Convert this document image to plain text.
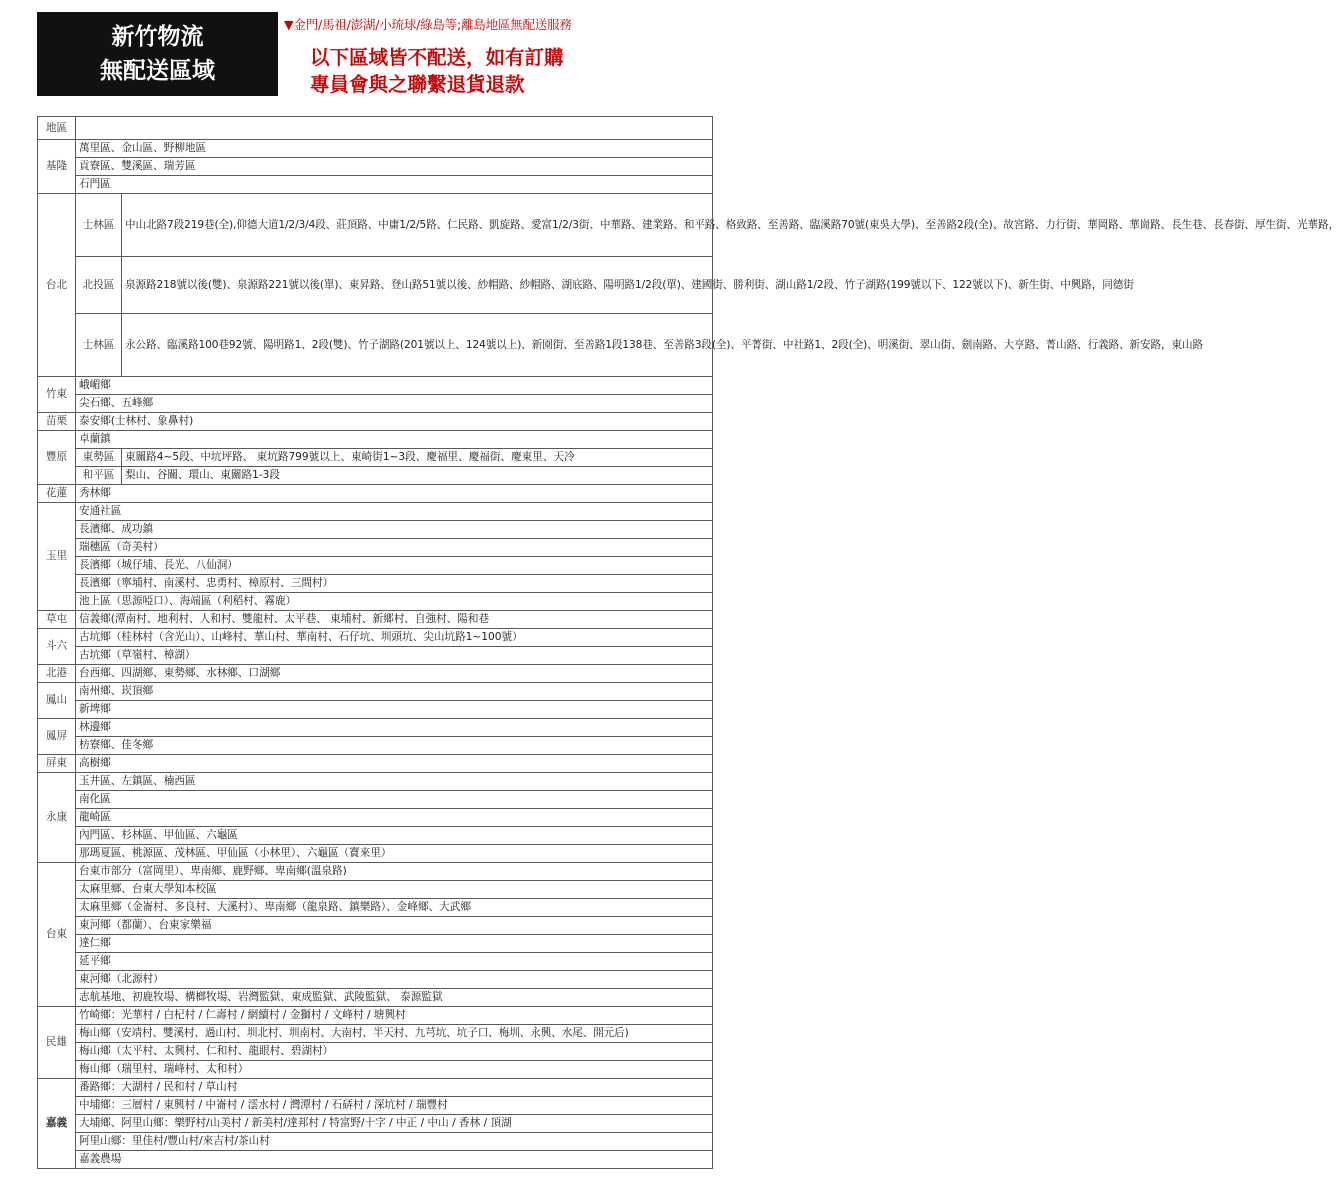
新竹物流
無配送區域
▼金門/馬祖/澎湖/小琉球/綠島等;離島地區無配送服務
以下區域皆不配送，如有訂購
專員會與之聯繫退貨退款
地區		
基隆	萬里區、金山區、野柳地區	
	貢寮區、雙溪區、瑞芳區	
	石門區	
台北	士林區	中山北路7段219巷(全),仰德大道1/2/3/4段、莊頂路、中庸1/2/5路、仁民路、凱旋路、愛富1/2/3街、中華路、建業路、和平路、格致路、至善路、臨溪路70號(東吳大學)、至善路2段(全)、故宮路、力行街、華岡路、華崗路、長生巷、長春街、厚生街、光華路，
	北投區	泉源路218號以後(雙)、泉源路221號以後(單)、東昇路、登山路51號以後、紗帽路、紗帽路、湖底路、陽明路1/2段(單)、建國街、勝利街、湖山路1/2段、竹子湖路(199號以下、122號以下)、新生街、中興路，同德街
	士林區	永公路、臨溪路100巷92號、陽明路1、2段(雙)、竹子湖路(201號以上、124號以上)、新園街、至善路1段138巷、至善路3段(全)、平菁街、中社路1、2段(全)、明溪街、翠山街、劍南路、大亨路、菁山路、行義路、新安路，東山路
竹東	峨嵋鄉	
	尖石鄉、五峰鄉	
苗栗	泰安鄉(士林村、象鼻村)	
豐原	卓蘭鎮	
	東勢區	東關路4~5段、中坑坪路、 東坑路799號以上、東崎街1~3段、慶福里、慶福街、慶東里、天冷
	和平區	梨山、谷關、環山、東關路1-3段
花蓮	秀林鄉	
玉里	安通社區	
	長濱鄉、成功鎮	
	瑞穗區（奇美村）	
	長濱鄉（城仔埔、長光、八仙洞）	
	長濱鄉（寧埔村、南溪村、忠勇村、樟原村、三間村）	
	池上區（思源啞口）、海端區（利稻村、霧鹿）	
草屯	信義鄉(潭南村、地利村、人和村、雙龍村、太平巷、 東埔村、新鄉村、自強村、陽和巷	
斗六	古坑鄉（桂林村（含光山）、山峰村、華山村、華南村、石仔坑、圳頭坑、尖山坑路1~100號）	
	古坑鄉（草嶺村、樟湖）	
北港	台西鄉、四湖鄉、東勢鄉、水林鄉、口湖鄉	
鳳山	南州鄉、崁頂鄉	
	新埤鄉	
鳳屏	林邊鄉	
	枋寮鄉、佳冬鄉	
屏東	高樹鄉	
永康	玉井區、左鎮區、楠西區	
	南化區	
	龍崎區	
	內門區、杉林區、甲仙區、六龜區	
	那瑪夏區、桃源區、茂林區、甲仙區（小林里）、六龜區（寶來里）	
台東	台東市部分（富岡里）、卑南鄉、鹿野鄉、卑南鄉(溫泉路)	
	太麻里鄉、台東大學知本校區	
	太麻里鄉（金崙村、多良村、大溪村）、卑南鄉（龍泉路、鎮樂路）、金峰鄉、大武鄉	
	東河鄉（都蘭）、台東家樂福	
	達仁鄉	
	延平鄉	
	東河鄉（北源村）	
	志航基地、初鹿牧場、構榔牧場、岩灣監獄、東成監獄、武陵監獄、 泰源監獄	
民雄	竹崎鄉：光華村 / 白杞村 / 仁壽村 / 網續村 / 金獅村 / 文峰村 / 塘興村	
	梅山鄉（安靖村、雙溪村、過山村、圳北村、圳南村、大南村、半天村、九芎坑、坑子口、梅圳、永興、水尾、開元后)	
	梅山鄉（太平村、太興村、仁和村、龍眼村、碧湖村）	
	梅山鄉（瑞里村、瑞峰村、太和村）	
嘉義	番路鄉：大湖村 / 民和村 / 草山村	
	中埔鄉：三層村 / 東興村 / 中崙村 / 澐水村 / 灣潭村 / 石硦村 / 深坑村 / 瑞豐村	
	大埔鄉、阿里山鄉：樂野村/山美村 / 新美村/達邦村 / 特富野/十字 / 中正 / 中山 / 香林 / 頂湖	
	阿里山鄉：里佳村/豐山村/來吉村/茶山村	
	嘉義農場	
